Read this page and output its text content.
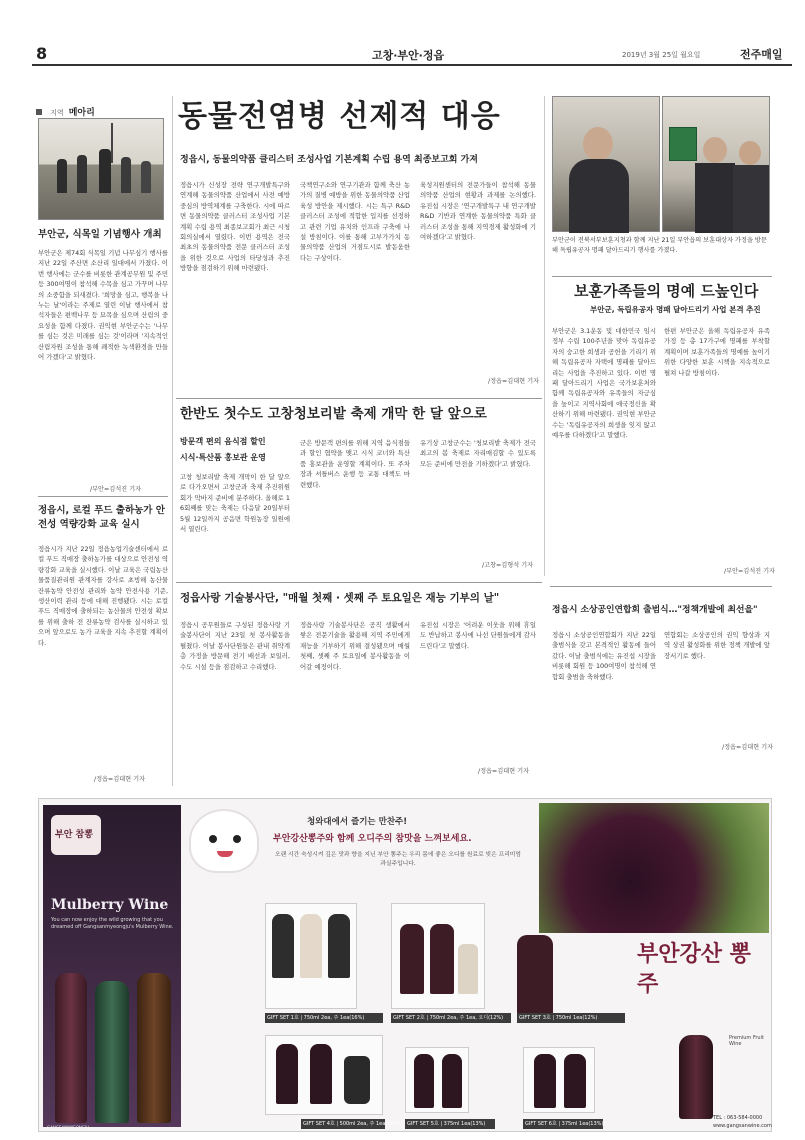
8	고창·부안·정읍	2019년 3월 25일 월요일	전주매일
지역 메아리
부안군, 식목일 기념행사 개최
부안군은 제74회 식목일 기념 나무심기 행사를 지난 22일 주산면 소산리 일대에서 가졌다. 이번 행사에는 군수를 비롯한 관계공무원 및 주민 등 300여명이 참석해 수목을 심고 가꾸며 나무의 소중함을 되새겼다. '희망을 심고, 행복을 나누는 날'이라는 주제로 열린 이날 행사에서 참석자들은 편백나무 등 묘목을 심으며 산림의 중요성을 함께 다졌다. 권익현 부안군수는 '나무를 심는 것은 미래를 심는 것'이라며 '지속적인 산림자원 조성을 통해 쾌적한 녹색환경을 만들어 가겠다'고 밝혔다.
/부안=김석진 기자
정읍시, 로컬 푸드 출하농가 안전성 역량강화 교육 실시
정읍시가 지난 22일 정읍농업기술센터에서 로컬 푸드 직매장 출하농가를 대상으로 안전성 역량강화 교육을 실시했다. 이날 교육은 국립농산물품질관리원 관계자를 강사로 초빙해 농산물 잔류농약 안전성 관리와 농약 안전사용 기준, 생산이력 관리 등에 대해 진행됐다. 시는 로컬 푸드 직매장에 출하되는 농산물의 안전성 확보를 위해 출하 전 잔류농약 검사를 실시하고 있으며 앞으로도 농가 교육을 지속 추진할 계획이다.
/정읍=김대현 기자
동물전염병 선제적 대응
정읍시, 동물의약품 클리스터 조성사업 기본계획 수립 용역 최종보고회 가져
정읍시가 신성장 전략 연구개발특구와 연계해 동물의약품 산업에서 사전 예방 중심의 방역체계를 구축한다. 시에 따르면 동물의약품 클러스터 조성사업 기본계획 수립 용역 최종보고회가 최근 시청 회의실에서 열렸다. 이번 용역은 전국 최초의 동물의약품 전문 클러스터 조성을 위한 것으로 사업의 타당성과 추진 방향을 점검하기 위해 마련됐다.
국책연구소와 연구기관과 함께 축산 농가의 질병 예방을 위한 동물의약품 산업 육성 방안을 제시했다. 시는 특구 R&D 클러스터 조성에 적합한 입지를 선정하고 관련 기업 유치와 인프라 구축에 나설 방침이다. 이를 통해 고부가가치 동물의약품 산업의 거점도시로 발돋움한다는 구상이다.
육성지원센터의 전문가들이 참석해 동물의약품 산업의 현황과 과제를 논의했다. 유진섭 시장은 '연구개발특구 내 연구개발 R&D 기반과 연계한 동물의약품 특화 클러스터 조성을 통해 지역경제 활성화에 기여하겠다'고 밝혔다.
/정읍=김대현 기자
부안군이 전북서부보훈지청과 함께 지난 21일 부안읍의 보훈대상자 가정을 방문해 독립유공자 명패 달아드리기 행사를 가졌다.
보훈가족들의 명예 드높인다
부안군, 독립유공자 명패 달아드리기 사업 본격 추진
부안군은 3.1운동 및 대한민국 임시정부 수립 100주년을 맞아 독립유공자의 숭고한 희생과 공헌을 기리기 위해 독립유공자 자택에 명패를 달아드리는 사업을 추진하고 있다. 이번 명패 달아드리기 사업은 국가보훈처와 함께 독립유공자와 유족들의 자긍심을 높이고 지역사회에 애국정신을 확산하기 위해 마련됐다. 권익현 부안군수는 '독립유공자의 희생을 잊지 않고 예우를 다하겠다'고 말했다.
한편 부안군은 올해 독립유공자 유족 가정 등 총 17가구에 명패를 부착할 계획이며 보훈가족들의 명예를 높이기 위한 다양한 보훈 시책을 지속적으로 펼쳐 나갈 방침이다.
/부안=김석진 기자
한반도 첫수도 고창청보리밭 축제 개막 한 달 앞으로
방문객 편의 음식점 할인
시식·특산품 홍보관 운영
고창 청보리밭 축제 개막이 한 달 앞으로 다가오면서 고창군과 축제 추진위원회가 막바지 준비에 분주하다. 올해로 16회째를 맞는 축제는 다음달 20일부터 5월 12일까지 공음면 학원농장 일원에서 열린다.
군은 방문객 편의를 위해 지역 음식점들과 할인 협약을 맺고 시식 코너와 특산품 홍보관을 운영할 계획이다. 또 주차장과 셔틀버스 운행 등 교통 대책도 마련했다.
유기상 고창군수는 '청보리밭 축제가 전국 최고의 봄 축제로 자리매김할 수 있도록 모든 준비에 만전을 기하겠다'고 밝혔다.
/고창=김형석 기자
정읍사랑 기술봉사단, "매월 첫째 · 셋째 주 토요일은 재능 기부의 날"
정읍시 공무원들로 구성된 정읍사랑 기술봉사단이 지난 23일 첫 봉사활동을 펼쳤다. 이날 봉사단원들은 관내 취약계층 가정을 방문해 전기 배선과 보일러, 수도 시설 등을 점검하고 수리했다.
정읍사랑 기술봉사단은 공직 생활에서 쌓은 전문기술을 활용해 지역 주민에게 재능을 기부하기 위해 결성됐으며 매월 첫째, 셋째 주 토요일에 봉사활동을 이어갈 예정이다.
유진섭 시장은 '어려운 이웃을 위해 휴일도 반납하고 봉사에 나선 단원들에게 감사드린다'고 말했다.
/정읍=김대현 기자
정읍시 소상공인연합회 출범식…"정책개발에 최선을"
정읍시 소상공인연합회가 지난 22일 출범식을 갖고 본격적인 활동에 들어갔다. 이날 출범식에는 유진섭 시장을 비롯해 회원 등 100여명이 참석해 연합회 출범을 축하했다.
연합회는 소상공인의 권익 향상과 지역 상권 활성화를 위한 정책 개발에 앞장서기로 했다.
/정읍=김대현 기자
부안 참뽕
Mulberry Wine
You can now enjoy the wild growing that you dreamed off Gangsanmyeongju's Mulberry Wine.
청와대에서 즐기는 만찬주!
부안강산뽕주와 함께 오디주의 참맛을 느껴보세요.
오랜 시간 숙성시켜 깊은 맛과 향을 지닌 부안 뽕주는 우리 몸에 좋은 오디를 원료로 빚은 프리미엄 과실주입니다.
GIFT SET 1호 | 750ml 2ea, 주 1ea(16%)	GIFT SET 2호 | 750ml 2ea, 주 1ea, 오디(12%)	GIFT SET 3호 | 750ml 1ea(12%)
GIFT SET 4호 | 500ml 2ea, 주 1ea(12%)	GIFT SET 5호 | 375ml 1ea(13%)	GIFT SET 6호 | 375ml 1ea(13%)
부안강산 뽕주
Premium Fruit Wine
GANGSANMYEONGJU
TEL : 063-584-0000
www.gangsanwine.com
